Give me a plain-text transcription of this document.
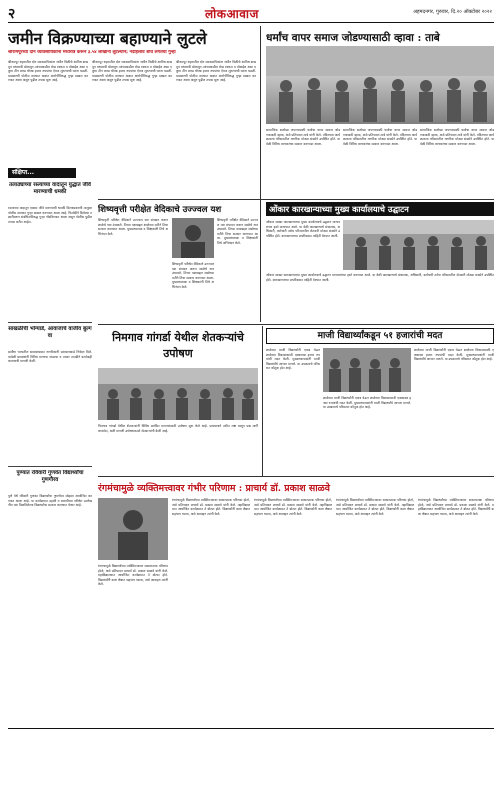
२	लोकआवाज	अहमदनगर, गुरुवार, दि.२० ऑक्टोबर २०२२
जमीन विक्रण्याच्या बहाण्याने लुटले
श्रीरामपूरच्या दोन व्यावसायिकांना मध्यरात्र करून ३.५४ लाखांना लुटल्याने; नंदीहेलाव शीव लगतचा गुन्हा
श्रीरामपूर शहरातील दोन व्यावसायिकांना जमीन विक्रीचे आमिष दाखवून मध्यरात्री बोलावून त्यांच्याकडील रोख रक्कम व मोबाईल असा एकूण तीन लाख चौपन्न हजार रुपयांचा ऐवज लुटल्याची घटना घडली. याप्रकरणी पोलीस ठाण्यात अज्ञात आरोपींविरुद्ध गुन्हा दाखल करण्यात आला असून पुढील तपास सुरू आहे.
श्रीरामपूर शहरातील दोन व्यावसायिकांना जमीन विक्रीचे आमिष दाखवून मध्यरात्री बोलावून त्यांच्याकडील रोख रक्कम व मोबाईल असा एकूण तीन लाख चौपन्न हजार रुपयांचा ऐवज लुटल्याची घटना घडली. याप्रकरणी पोलीस ठाण्यात अज्ञात आरोपींविरुद्ध गुन्हा दाखल करण्यात आला असून पुढील तपास सुरू आहे.
श्रीरामपूर शहरातील दोन व्यावसायिकांना जमीन विक्रीचे आमिष दाखवून मध्यरात्री बोलावून त्यांच्याकडील रोख रक्कम व मोबाईल असा एकूण तीन लाख चौपन्न हजार रुपयांचा ऐवज लुटल्याची घटना घडली. याप्रकरणी पोलीस ठाण्यात अज्ञात आरोपींविरुद्ध गुन्हा दाखल करण्यात आला असून पुढील तपास सुरू आहे.
संक्षिप्त...
तलाठ्याच्या रस्त्याच्या वादातून युद्धात जीवे मारण्याची धमकी
रस्त्याच्या वादातून एकास जीवे मारण्याची धमकी दिल्याप्रकरणी तालुका पोलीस ठाण्यात गुन्हा दाखल करण्यात आला आहे. फिर्यादीने दिलेल्या तक्रारीवरून संबंधितांविरुद्ध गुन्हा नोंदविण्यात आला असून पोलीस पुढील तपास करीत आहेत.
साखळीची भोंग्याडे, आवाजाचे वाजीव बुल्ग वा
ग्रामीण भागातील समस्यांबाबत नागरिकांनी प्रशासनाकडे निवेदन दिले. यावेळी ग्रामस्थांनी विविध मागण्या मांडल्या व त्यावर तातडीने कार्यवाही करण्याची मागणी केली.
पुण्यात रविवारी गुणवंत विद्यार्थ्यांचा गुणगौरव
पुणे येथे रविवारी गुणवंत विद्यार्थ्यांचा गुणगौरव सोहळा आयोजित करण्यात आला आहे. या कार्यक्रमात दहावी व बारावीच्या परीक्षेत उल्लेखनीय यश मिळविलेल्या विद्यार्थ्यांचा सत्कार करण्यात येणार आहे.
धर्मांच वापर समाज जोडण्यासाठी व्हावा : ताबे
सामाजिक सलोखा जपण्यासाठी धर्माचा वापर समाज जोडण्यासाठी व्हावा, असे प्रतिपादन ताबे यांनी केले. मंदिराच्या कार्यक्रमाला परिसरातील नागरिक मोठ्या संख्येने उपस्थित होते. या वेळी विविध मान्यवरांचा सत्कार करण्यात आला.
सामाजिक सलोखा जपण्यासाठी धर्माचा वापर समाज जोडण्यासाठी व्हावा, असे प्रतिपादन ताबे यांनी केले. मंदिराच्या कार्यक्रमाला परिसरातील नागरिक मोठ्या संख्येने उपस्थित होते. या वेळी विविध मान्यवरांचा सत्कार करण्यात आला.
सामाजिक सलोखा जपण्यासाठी धर्माचा वापर समाज जोडण्यासाठी व्हावा, असे प्रतिपादन ताबे यांनी केले. मंदिराच्या कार्यक्रमाला परिसरातील नागरिक मोठ्या संख्येने उपस्थित होते. या वेळी विविध मान्यवरांचा सत्कार करण्यात आला.
शिष्यवृत्ती परीक्षेत वेदिकाचे उज्ज्वल यश
शिष्यवृत्ती परीक्षेत वेदिकाने उज्ज्वल यश संपादन करून शाळेचे नाव उंचावले. तिच्या यशाबद्दल शाळेच्या वतीने तिचा सत्कार करण्यात आला. मुख्याध्यापक व शिक्षकांनी तिचे अभिनंदन केले.
शिष्यवृत्ती परीक्षेत वेदिकाने उज्ज्वल यश संपादन करून शाळेचे नाव उंचावले. तिच्या यशाबद्दल शाळेच्या वतीने तिचा सत्कार करण्यात आला. मुख्याध्यापक व शिक्षकांनी तिचे अभिनंदन केले.
शिष्यवृत्ती परीक्षेत वेदिकाने उज्ज्वल यश संपादन करून शाळेचे नाव उंचावले. तिच्या यशाबद्दल शाळेच्या वतीने तिचा सत्कार करण्यात आला. मुख्याध्यापक व शिक्षकांनी तिचे अभिनंदन केले.
ओंकार कारखान्याच्या मुख्य कार्यालयाचे उद्घाटन
ओंकार साखर कारखान्याच्या मुख्य कार्यालयाचे उद्घाटन मान्यवरांच्या हस्ते करण्यात आले. या वेळी कारखान्याचे संचालक, अधिकारी, कर्मचारी तसेच परिसरातील शेतकरी मोठ्या संख्येने उपस्थित होते. कारखान्याच्या प्रगतीबाबत माहिती देण्यात आली.
ओंकार साखर कारखान्याच्या मुख्य कार्यालयाचे उद्घाटन मान्यवरांच्या हस्ते करण्यात आले. या वेळी कारखान्याचे संचालक, अधिकारी, कर्मचारी तसेच परिसरातील शेतकरी मोठ्या संख्येने उपस्थित होते. कारखान्याच्या प्रगतीबाबत माहिती देण्यात आली.
निमगाव गांगर्डा येथील शेतकऱ्यांचे उपोषण
निमगाव गांगर्डा येथील शेतकऱ्यांनी विविध प्रलंबित मागण्यांसाठी उपोषण सुरू केले आहे. प्रशासनाने त्वरित लक्ष घालून प्रश्न मार्गी लावावेत, अशी मागणी उपोषणकर्त्या शेतकऱ्यांनी केली आहे.
माजी विद्यार्थ्यांकडून ५१ हजारांची मदत
शाळेच्या माजी विद्यार्थ्यांनी एकत्र येऊन शाळेच्या विकासासाठी एक्कावन्न हजार रुपयांची मदत केली. मुख्याध्यापकांनी माजी विद्यार्थ्यांचे आभार मानले. या उपक्रमाचे परिसरात कौतुक होत आहे.
शाळेच्या माजी विद्यार्थ्यांनी एकत्र येऊन शाळेच्या विकासासाठी एक्कावन्न हजार रुपयांची मदत केली. मुख्याध्यापकांनी माजी विद्यार्थ्यांचे आभार मानले. या उपक्रमाचे परिसरात कौतुक होत आहे.
शाळेच्या माजी विद्यार्थ्यांनी एकत्र येऊन शाळेच्या विकासासाठी एक्कावन्न हजार रुपयांची मदत केली. मुख्याध्यापकांनी माजी विद्यार्थ्यांचे आभार मानले. या उपक्रमाचे परिसरात कौतुक होत आहे.
रंगमंचामुळे व्यक्तिमत्त्वावर गंभीर परिणाम : प्राचार्य डॉ. प्रकाश साळवे
रंगमंचामुळे विद्यार्थ्यांच्या व्यक्तिमत्त्वावर सकारात्मक परिणाम होतो, असे प्रतिपादन प्राचार्य डॉ. प्रकाश साळवे यांनी केले. महाविद्यालयात आयोजित कार्यक्रमात ते बोलत होते. विद्यार्थ्यांनी कला क्षेत्रात सहभाग घ्यावा, असे आवाहन त्यांनी केले.
रंगमंचामुळे विद्यार्थ्यांच्या व्यक्तिमत्त्वावर सकारात्मक परिणाम होतो, असे प्रतिपादन प्राचार्य डॉ. प्रकाश साळवे यांनी केले. महाविद्यालयात आयोजित कार्यक्रमात ते बोलत होते. विद्यार्थ्यांनी कला क्षेत्रात सहभाग घ्यावा, असे आवाहन त्यांनी केले.
रंगमंचामुळे विद्यार्थ्यांच्या व्यक्तिमत्त्वावर सकारात्मक परिणाम होतो, असे प्रतिपादन प्राचार्य डॉ. प्रकाश साळवे यांनी केले. महाविद्यालयात आयोजित कार्यक्रमात ते बोलत होते. विद्यार्थ्यांनी कला क्षेत्रात सहभाग घ्यावा, असे आवाहन त्यांनी केले.
रंगमंचामुळे विद्यार्थ्यांच्या व्यक्तिमत्त्वावर सकारात्मक परिणाम होतो, असे प्रतिपादन प्राचार्य डॉ. प्रकाश साळवे यांनी केले. महाविद्यालयात आयोजित कार्यक्रमात ते बोलत होते. विद्यार्थ्यांनी कला क्षेत्रात सहभाग घ्यावा, असे आवाहन त्यांनी केले.
रंगमंचामुळे विद्यार्थ्यांच्या व्यक्तिमत्त्वावर सकारात्मक परिणाम होतो, असे प्रतिपादन प्राचार्य डॉ. प्रकाश साळवे यांनी केले. महाविद्यालयात आयोजित कार्यक्रमात ते बोलत होते. विद्यार्थ्यांनी कला क्षेत्रात सहभाग घ्यावा, असे आवाहन त्यांनी केले.
